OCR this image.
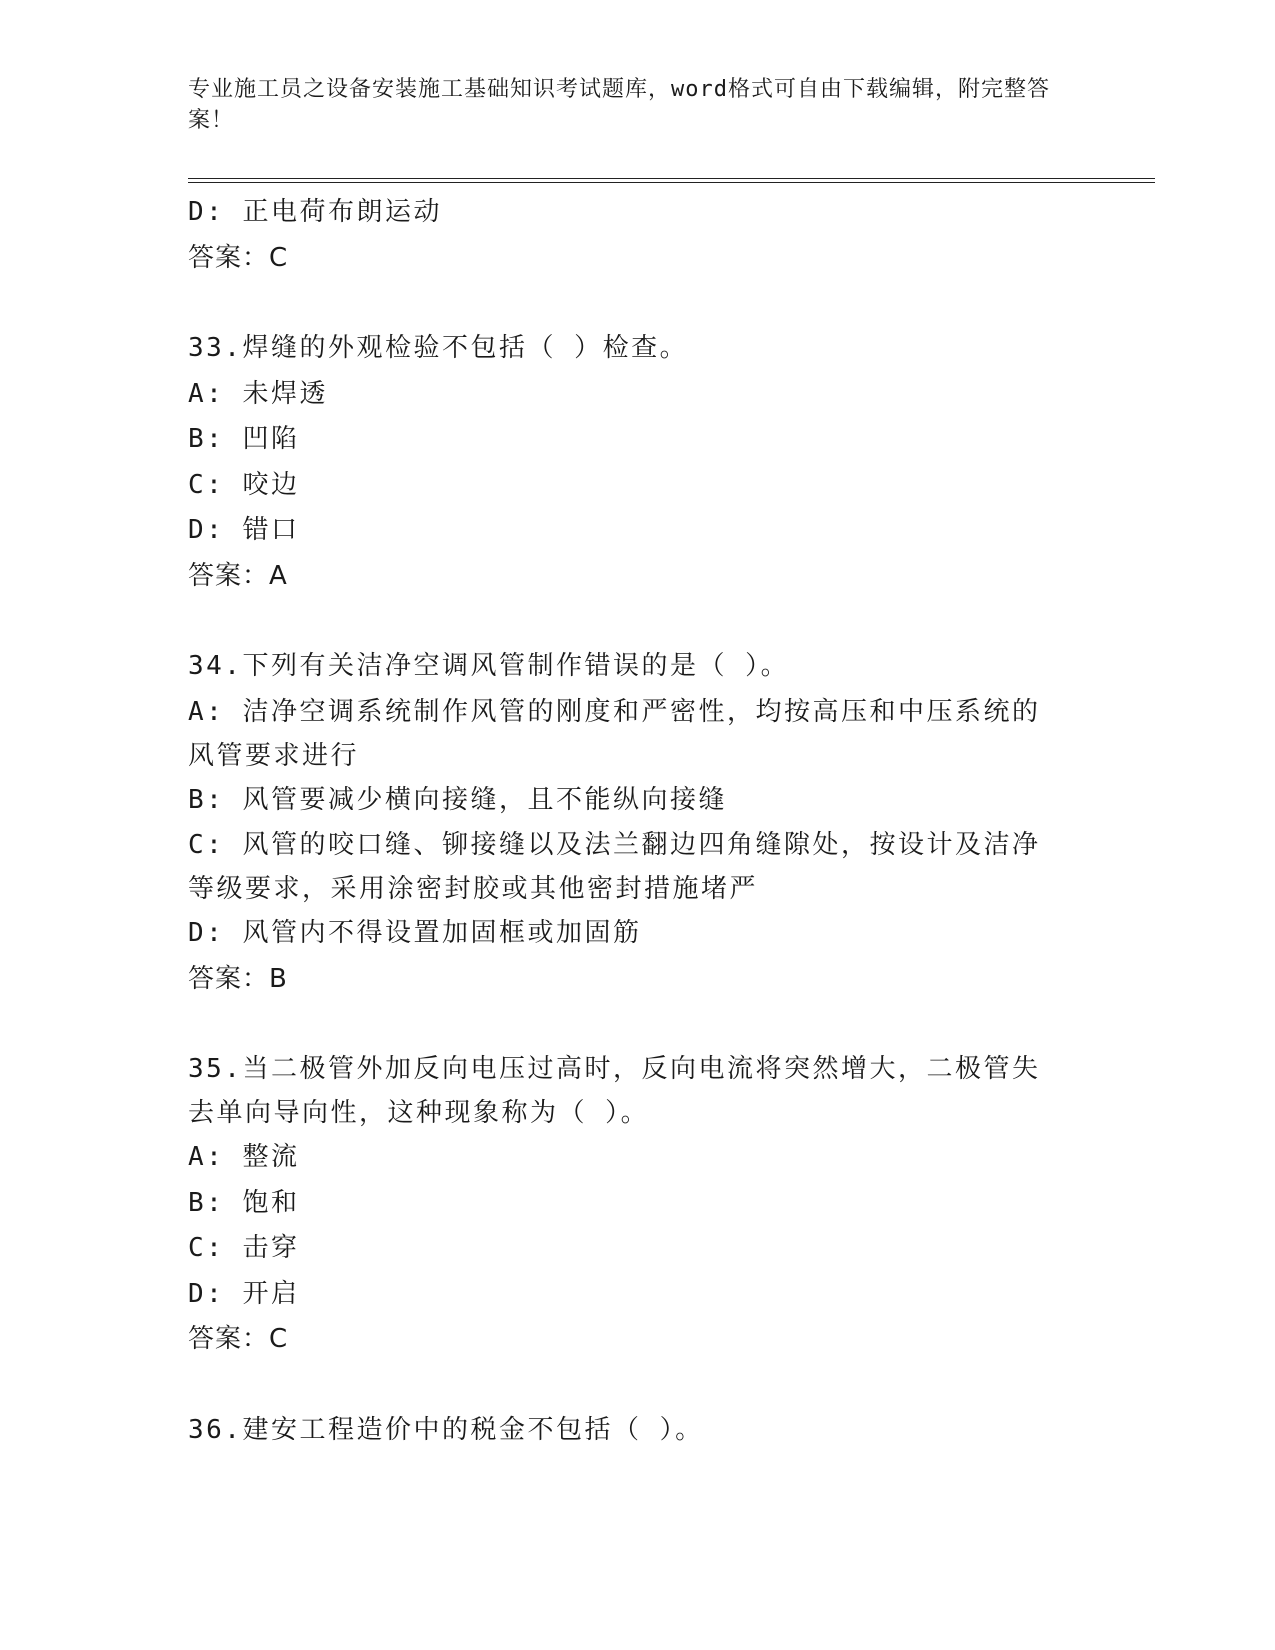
专业施工员之设备安装施工基础知识考试题库，word格式可自由下载编辑，附完整答案！
D: 正电荷布朗运动
答案：C
33.焊缝的外观检验不包括（ ）检查。
A: 未焊透
B: 凹陷
C: 咬边
D: 错口
答案：A
34.下列有关洁净空调风管制作错误的是（ ）。
A: 洁净空调系统制作风管的刚度和严密性，均按高压和中压系统的风管要求进行
B: 风管要减少横向接缝，且不能纵向接缝
C: 风管的咬口缝、铆接缝以及法兰翻边四角缝隙处，按设计及洁净等级要求，采用涂密封胶或其他密封措施堵严
D: 风管内不得设置加固框或加固筋
答案：B
35.当二极管外加反向电压过高时，反向电流将突然增大，二极管失去单向导向性，这种现象称为（ ）。
A: 整流
B: 饱和
C: 击穿
D: 开启
答案：C
36.建安工程造价中的税金不包括（ ）。
